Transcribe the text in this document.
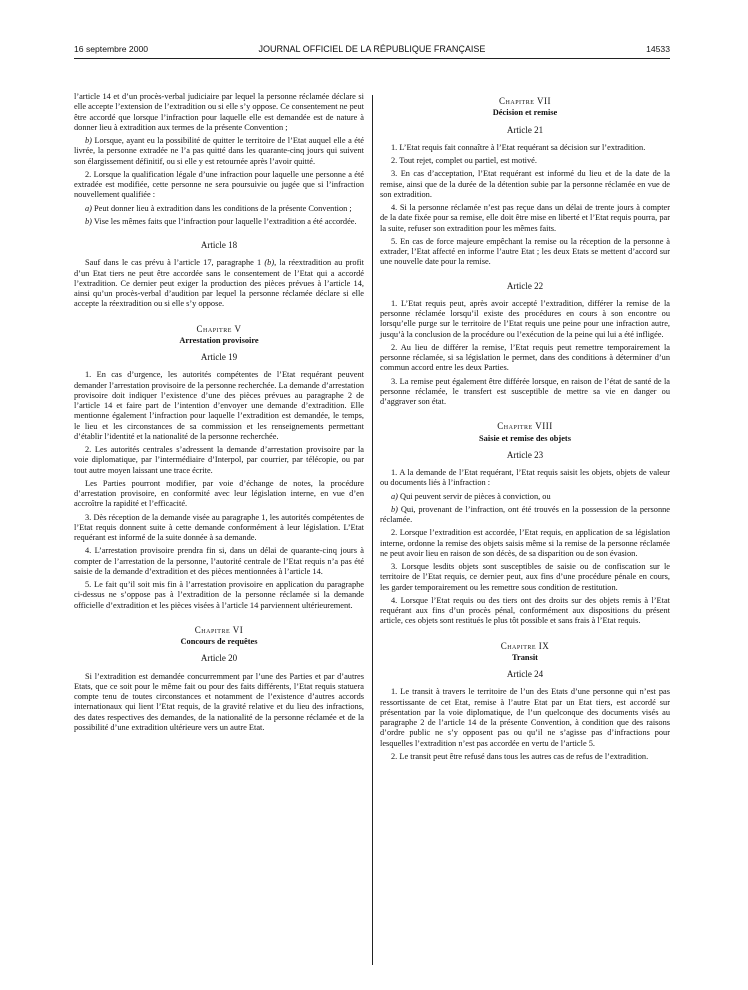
16 septembre 2000	JOURNAL OFFICIEL DE LA RÉPUBLIQUE FRANÇAISE	14533

l’article 14 et d’un procès-verbal judiciaire par lequel la personne réclamée déclare si elle accepte l’extension de l’extradition ou si elle s’y oppose. Ce consentement ne peut être accordé que lorsque l’infraction pour laquelle elle est demandée est de nature à donner lieu à extradition aux termes de la présente Convention ;

b) Lorsque, ayant eu la possibilité de quitter le territoire de l’Etat auquel elle a été livrée, la personne extradée ne l’a pas quitté dans les quarante-cinq jours qui suivent son élargissement définitif, ou si elle y est retournée après l’avoir quitté.

2. Lorsque la qualification légale d’une infraction pour laquelle une personne a été extradée est modifiée, cette personne ne sera poursuivie ou jugée que si l’infraction nouvellement qualifiée :

a) Peut donner lieu à extradition dans les conditions de la présente Convention ;

b) Vise les mêmes faits que l’infraction pour laquelle l’extradition a été accordée.

Article 18

Sauf dans le cas prévu à l’article 17, paragraphe 1 (b), la réextradition au profit d’un Etat tiers ne peut être accordée sans le consentement de l’Etat qui a accordé l’extradition. Ce dernier peut exiger la production des pièces prévues à l’article 14, ainsi qu’un procès-verbal d’audition par lequel la personne réclamée déclare si elle accepte la réextradition ou si elle s’y oppose.

Chapitre V
Arrestation provisoire
Article 19

1. En cas d’urgence, les autorités compétentes de l’Etat requérant peuvent demander l’arrestation provisoire de la personne recherchée. La demande d’arrestation provisoire doit indiquer l’existence d’une des pièces prévues au paragraphe 2 de l’article 14 et faire part de l’intention d’envoyer une demande d’extradition. Elle mentionne également l’infraction pour laquelle l’extradition est demandée, le temps, le lieu et les circonstances de sa commission et les renseignements permettant d’établir l’identité et la nationalité de la personne recherchée.

2. Les autorités centrales s’adressent la demande d’arrestation provisoire par la voie diplomatique, par l’intermédiaire d’Interpol, par courrier, par télécopie, ou par tout autre moyen laissant une trace écrite.

Les Parties pourront modifier, par voie d’échange de notes, la procédure d’arrestation provisoire, en conformité avec leur législation interne, en vue d’en accroître la rapidité et l’efficacité.

3. Dès réception de la demande visée au paragraphe 1, les autorités compétentes de l’Etat requis donnent suite à cette demande conformément à leur législation. L’Etat requérant est informé de la suite donnée à sa demande.

4. L’arrestation provisoire prendra fin si, dans un délai de quarante-cinq jours à compter de l’arrestation de la personne, l’autorité centrale de l’Etat requis n’a pas été saisie de la demande d’extradition et des pièces mentionnées à l’article 14.

5. Le fait qu’il soit mis fin à l’arrestation provisoire en application du paragraphe ci-dessus ne s’oppose pas à l’extradition de la personne réclamée si la demande officielle d’extradition et les pièces visées à l’article 14 parviennent ultérieurement.

Chapitre VI
Concours de requêtes
Article 20

Si l’extradition est demandée concurremment par l’une des Parties et par d’autres Etats, que ce soit pour le même fait ou pour des faits différents, l’Etat requis statuera compte tenu de toutes circonstances et notamment de l’existence d’autres accords internationaux qui lient l’Etat requis, de la gravité relative et du lieu des infractions, des dates respectives des demandes, de la nationalité de la personne réclamée et de la possibilité d’une extradition ultérieure vers un autre Etat.

Chapitre VII
Décision et remise
Article 21

1. L’Etat requis fait connaître à l’Etat requérant sa décision sur l’extradition.

2. Tout rejet, complet ou partiel, est motivé.

3. En cas d’acceptation, l’Etat requérant est informé du lieu et de la date de la remise, ainsi que de la durée de la détention subie par la personne réclamée en vue de son extradition.

4. Si la personne réclamée n’est pas reçue dans un délai de trente jours à compter de la date fixée pour sa remise, elle doit être mise en liberté et l’Etat requis pourra, par la suite, refuser son extradition pour les mêmes faits.

5. En cas de force majeure empêchant la remise ou la réception de la personne à extrader, l’Etat affecté en informe l’autre Etat ; les deux Etats se mettent d’accord sur une nouvelle date pour la remise.

Article 22

1. L’Etat requis peut, après avoir accepté l’extradition, différer la remise de la personne réclamée lorsqu’il existe des procédures en cours à son encontre ou lorsqu’elle purge sur le territoire de l’Etat requis une peine pour une infraction autre, jusqu’à la conclusion de la procédure ou l’exécution de la peine qui lui a été infligée.

2. Au lieu de différer la remise, l’Etat requis peut remettre temporairement la personne réclamée, si sa législation le permet, dans des conditions à déterminer d’un commun accord entre les deux Parties.

3. La remise peut également être différée lorsque, en raison de l’état de santé de la personne réclamée, le transfert est susceptible de mettre sa vie en danger ou d’aggraver son état.

Chapitre VIII
Saisie et remise des objets
Article 23

1. A la demande de l’Etat requérant, l’Etat requis saisit les objets, objets de valeur ou documents liés à l’infraction :

a) Qui peuvent servir de pièces à conviction, ou

b) Qui, provenant de l’infraction, ont été trouvés en la possession de la personne réclamée.

2. Lorsque l’extradition est accordée, l’Etat requis, en application de sa législation interne, ordonne la remise des objets saisis même si la remise de la personne réclamée ne peut avoir lieu en raison de son décès, de sa disparition ou de son évasion.

3. Lorsque lesdits objets sont susceptibles de saisie ou de confiscation sur le territoire de l’Etat requis, ce dernier peut, aux fins d’une procédure pénale en cours, les garder temporairement ou les remettre sous condition de restitution.

4. Lorsque l’Etat requis ou des tiers ont des droits sur des objets remis à l’Etat requérant aux fins d’un procès pénal, conformément aux dispositions du présent article, ces objets sont restitués le plus tôt possible et sans frais à l’Etat requis.

Chapitre IX
Transit
Article 24

1. Le transit à travers le territoire de l’un des Etats d’une personne qui n’est pas ressortissante de cet Etat, remise à l’autre Etat par un Etat tiers, est accordé sur présentation par la voie diplomatique, de l’un quelconque des documents visés au paragraphe 2 de l’article 14 de la présente Convention, à condition que des raisons d’ordre public ne s’y opposent pas ou qu’il ne s’agisse pas d’infractions pour lesquelles l’extradition n’est pas accordée en vertu de l’article 5.

2. Le transit peut être refusé dans tous les autres cas de refus de l’extradition.
